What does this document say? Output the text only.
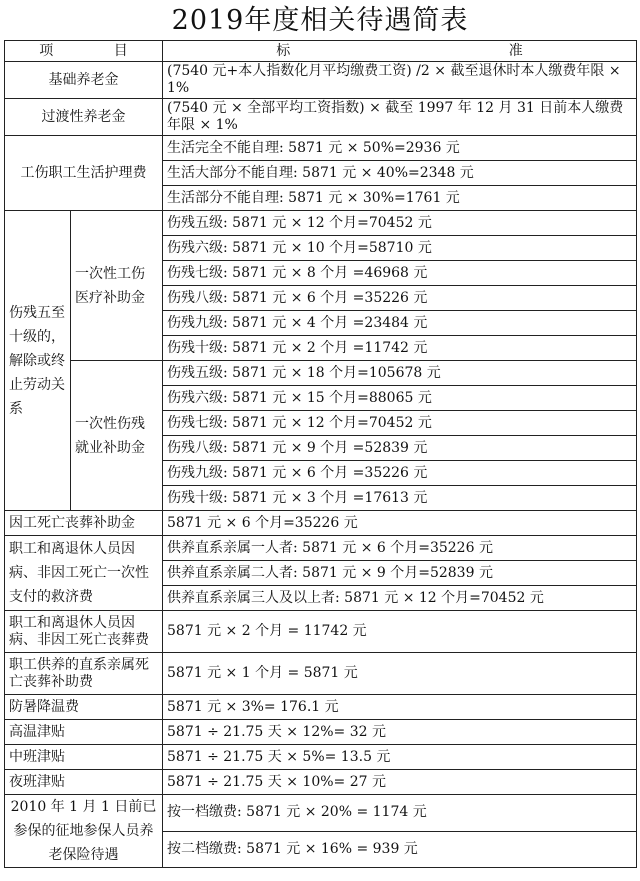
2019年度相关待遇简表
项 目		标 准

基础养老金		(7540 元+本人指数化月平均缴费工资) /2 × 截至退休时本人缴费年限 × 1%
过渡性养老金		(7540 元 × 全部平均工资指数) × 截至 1997 年 12 月 31 日前本人缴费年限 × 1%
工伤职工生活护理费		生活完全不能自理: 5871 元 × 50%=2936 元
		生活大部分不能自理: 5871 元 × 40%=2348 元
		生活部分不能自理: 5871 元 × 30%=1761 元

伤残五至十级的，解除或终止劳动关系	一次性工伤医疗补助金	伤残五级: 5871 元 × 12 个月=70452 元
		伤残六级: 5871 元 × 10 个月=58710 元
		伤残七级: 5871 元 × 8 个月 =46968 元
		伤残八级: 5871 元 × 6 个月 =35226 元
		伤残九级: 5871 元 × 4 个月 =23484 元
		伤残十级: 5871 元 × 2 个月 =11742 元

	一次性伤残就业补助金	伤残五级: 5871 元 × 18 个月=105678 元
		伤残六级: 5871 元 × 15 个月=88065 元
		伤残七级: 5871 元 × 12 个月=70452 元
		伤残八级: 5871 元 × 9 个月 =52839 元
		伤残九级: 5871 元 × 6 个月 =35226 元
		伤残十级: 5871 元 × 3 个月 =17613 元
因工死亡丧葬补助金		5871 元 × 6 个月=35226 元

职工和离退休人员因病、非因工死亡一次性支付的救济费		供养直系亲属一人者: 5871 元 × 6 个月=35226 元
		供养直系亲属二人者: 5871 元 × 9 个月=52839 元
		供养直系亲属三人及以上者: 5871 元 × 12 个月=70452 元
职工和离退休人员因病、非因工死亡丧葬费		5871 元 × 2 个月 = 11742 元
职工供养的直系亲属死亡丧葬补助费		5871 元 × 1 个月 = 5871 元
防暑降温费		5871 元 × 3%= 176.1 元
高温津贴		5871 ÷ 21.75 天 × 12%= 32 元
中班津贴		5871 ÷ 21.75 天 × 5%= 13.5 元
夜班津贴		5871 ÷ 21.75 天 × 10%= 27 元

2010 年 1 月 1 日前已参保的征地参保人员养老保险待遇		按一档缴费: 5871 元 × 20% = 1174 元
		按二档缴费: 5871 元 × 16% = 939 元
